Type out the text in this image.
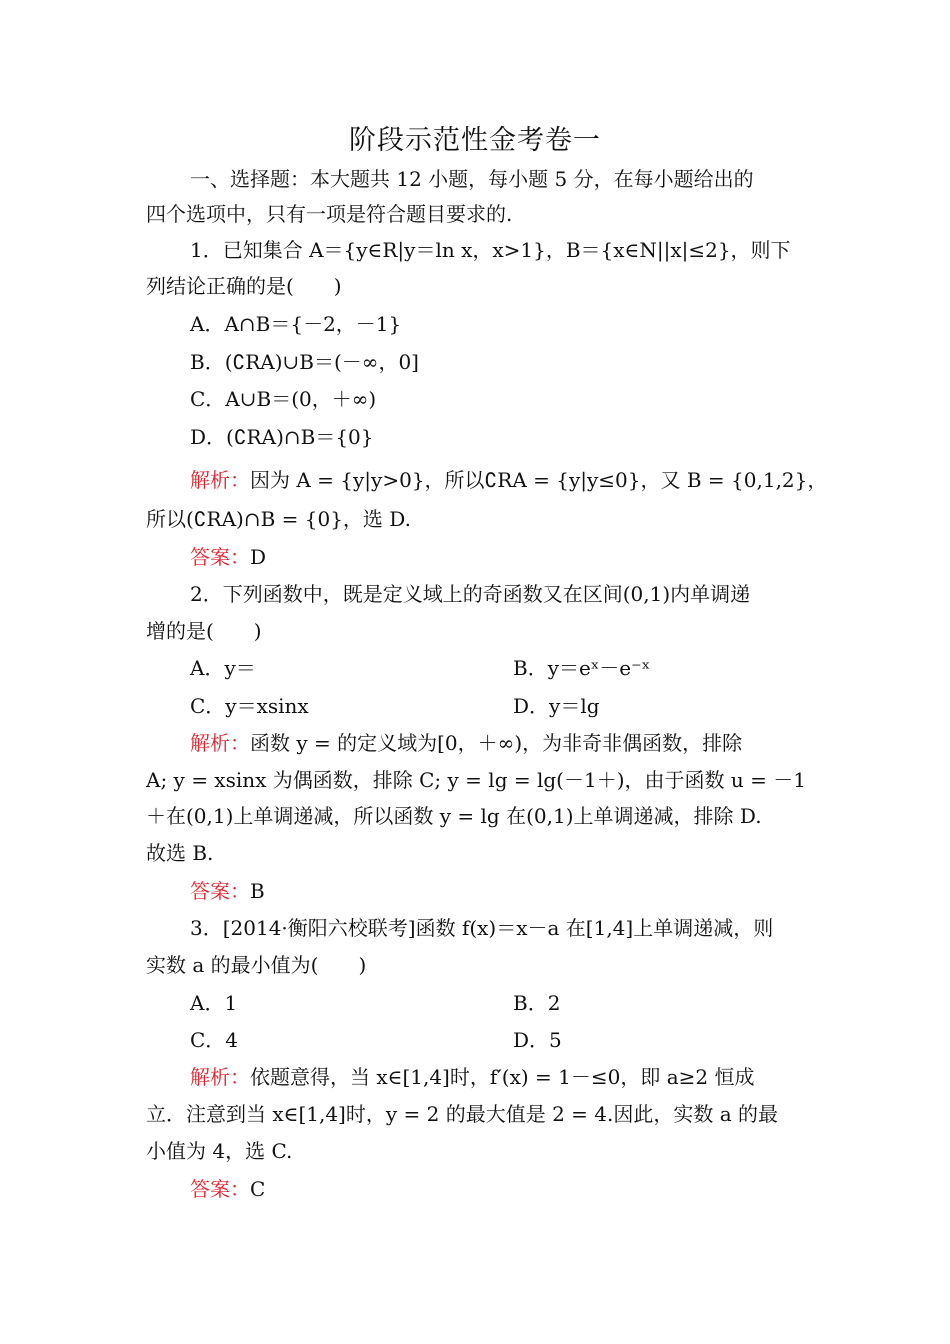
阶段示范性金考卷一
一、选择题：本大题共 12 小题，每小题 5 分，在每小题给出的
四个选项中，只有一项是符合题目要求的.
1．已知集合 A＝{y∈R|y＝ln x，x>1}，B＝{x∈N||x|≤2}，则下
列结论正确的是(　　)
A．A∩B＝{－2，－1}
B．(∁RA)∪B＝(－∞，0]
C．A∪B＝(0，＋∞)
D．(∁RA)∩B＝{0}
解析：因为 A = {y|y>0}，所以∁RA = {y|y≤0}，又 B = {0,1,2}，
所以(∁RA)∩B = {0}，选 D.
答案：D
2．下列函数中，既是定义域上的奇函数又在区间(0,1)内单调递
增的是(　　)
A．y＝	B．y＝eˣ－e⁻ˣ
C．y＝xsinx	D．y＝lg
解析：函数 y = 的定义域为[0，＋∞)，为非奇非偶函数，排除
A; y = xsinx 为偶函数，排除 C; y = lg = lg(－1＋)，由于函数 u = －1
＋在(0,1)上单调递减，所以函数 y = lg 在(0,1)上单调递减，排除 D.
故选 B.
答案：B
3．[2014·衡阳六校联考]函数 f(x)＝x－a 在[1,4]上单调递减，则
实数 a 的最小值为(　　)
A．1	B．2
C．4	D．5
解析：依题意得，当 x∈[1,4]时，f′(x) = 1－≤0，即 a≥2 恒成
立．注意到当 x∈[1,4]时，y = 2 的最大值是 2 = 4.因此，实数 a 的最
小值为 4，选 C.
答案：C
